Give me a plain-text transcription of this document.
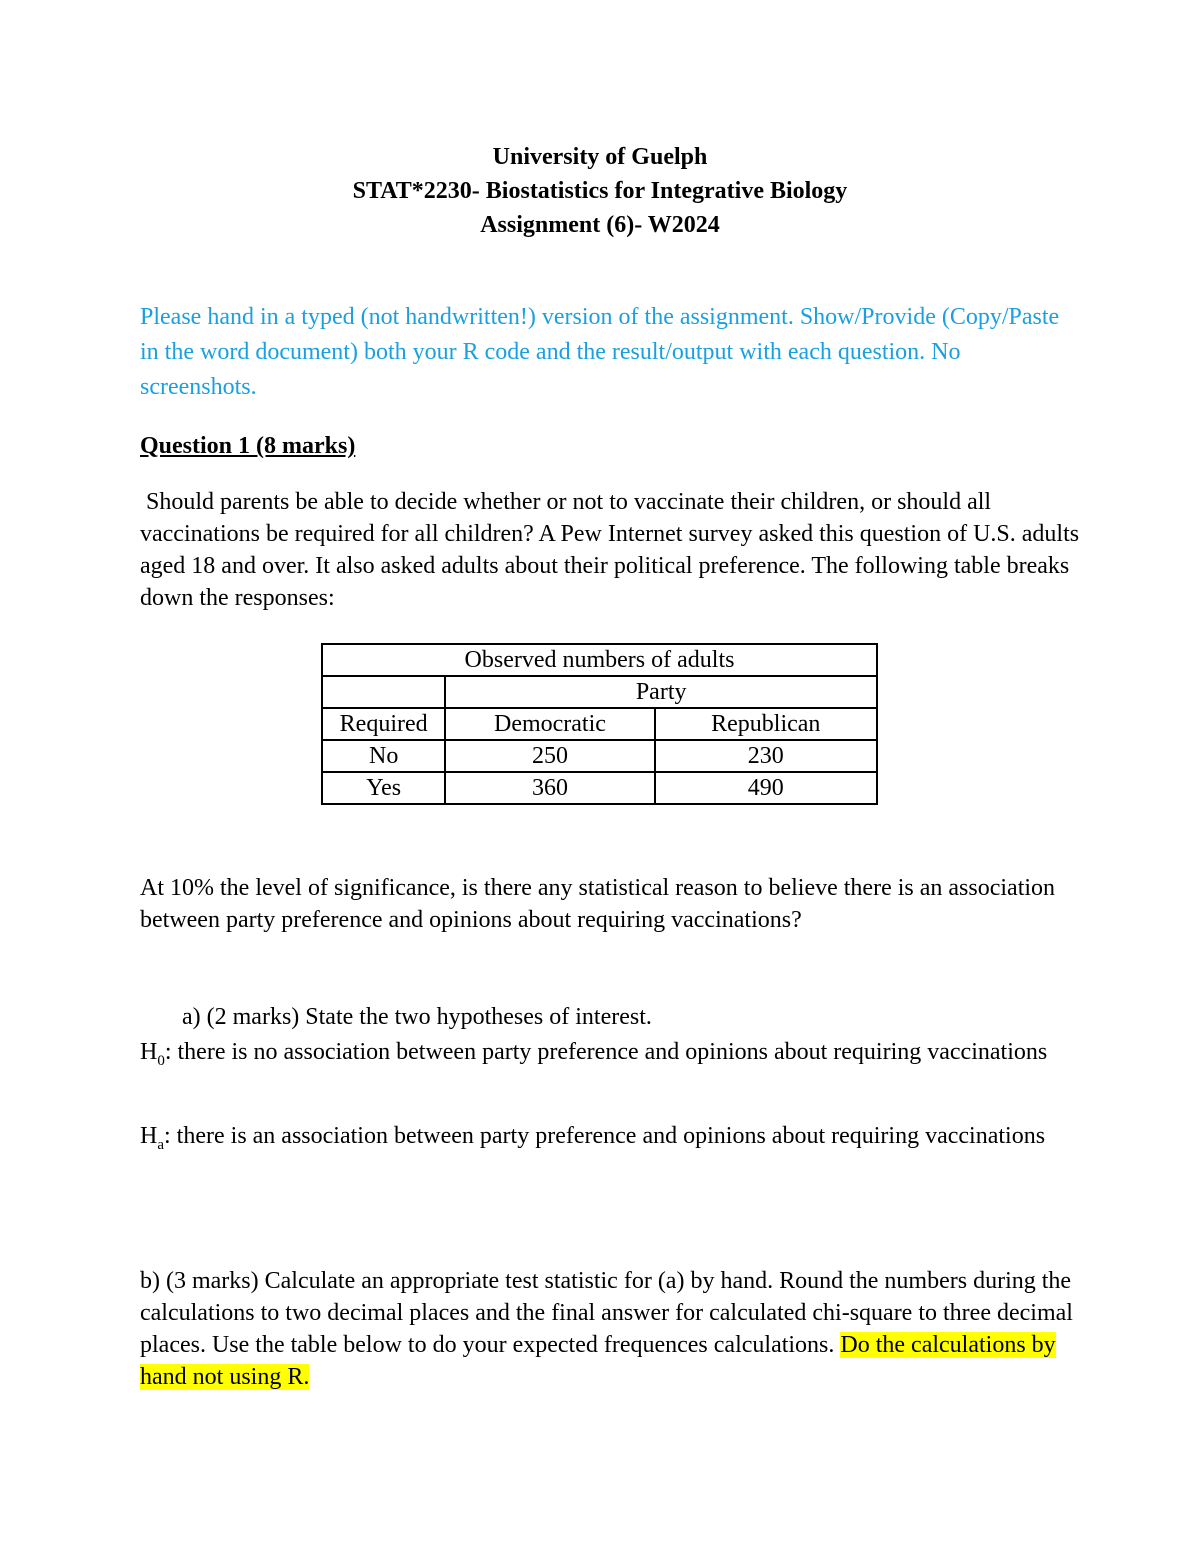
University of Guelph
STAT*2230- Biostatistics for Integrative Biology
Assignment (6)- W2024
Please hand in a typed (not handwritten!) version of the assignment. Show/Provide (Copy/Paste in the word document) both your R code and the result/output with each question. No screenshots.
Question 1 (8 marks)
Should parents be able to decide whether or not to vaccinate their children, or should all vaccinations be required for all children? A Pew Internet survey asked this question of U.S. adults aged 18 and over. It also asked adults about their political preference. The following table breaks down the responses:
Observed numbers of adults		
	Party	
Required	Democratic	Republican
No	250	230
Yes	360	490
At 10% the level of significance, is there any statistical reason to believe there is an association between party preference and opinions about requiring vaccinations?
a) (2 marks) State the two hypotheses of interest.
$H_0$: there is no association between party preference and opinions about requiring vaccinations
$H_a$: there is an association between party preference and opinions about requiring vaccinations
b) (3 marks) Calculate an appropriate test statistic for (a) by hand. Round the numbers during the calculations to two decimal places and the final answer for calculated chi-square to three decimal places. Use the table below to do your expected frequences calculations. Do the calculations by hand not using R.
